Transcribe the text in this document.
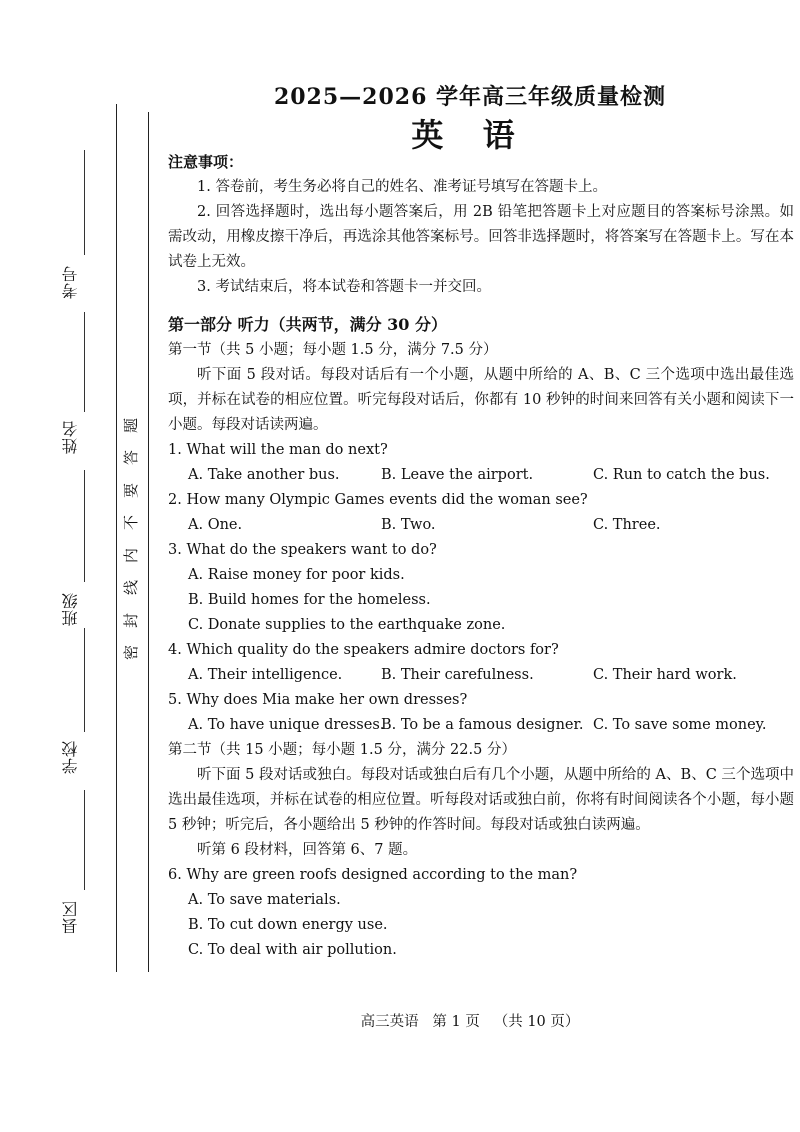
考号
姓名
班级
学校
县区
题
答
要
不
内
线
封
密
2025—2026 学年高三年级质量检测
英 语
注意事项：
1. 答卷前，考生务必将自己的姓名、准考证号填写在答题卡上。
2. 回答选择题时，选出每小题答案后，用 2B 铅笔把答题卡上对应题目的答案标号涂黑。如需改动，用橡皮擦干净后，再选涂其他答案标号。回答非选择题时，将答案写在答题卡上。写在本试卷上无效。
3. 考试结束后，将本试卷和答题卡一并交回。
第一部分 听力（共两节，满分 30 分）
第一节（共 5 小题；每小题 1.5 分，满分 7.5 分）
听下面 5 段对话。每段对话后有一个小题，从题中所给的 A、B、C 三个选项中选出最佳选项，并标在试卷的相应位置。听完每段对话后，你都有 10 秒钟的时间来回答有关小题和阅读下一小题。每段对话读两遍。
1. What will the man do next?
A. Take another bus.	B. Leave the airport.	C. Run to catch the bus.
2. How many Olympic Games events did the woman see?
A. One.	B. Two.	C. Three.
3. What do the speakers want to do?
A. Raise money for poor kids.
B. Build homes for the homeless.
C. Donate supplies to the earthquake zone.
4. Which quality do the speakers admire doctors for?
A. Their intelligence.	B. Their carefulness.	C. Their hard work.
5. Why does Mia make her own dresses?
A. To have unique dresses.
B. To be a famous designer. C. To save some money.
第二节（共 15 小题；每小题 1.5 分，满分 22.5 分）
听下面 5 段对话或独白。每段对话或独白后有几个小题，从题中所给的 A、B、C 三个选项中选出最佳选项，并标在试卷的相应位置。听每段对话或独白前，你将有时间阅读各个小题，每小题 5 秒钟；听完后，各小题给出 5 秒钟的作答时间。每段对话或独白读两遍。
听第 6 段材料，回答第 6、7 题。
6. Why are green roofs designed according to the man?
A. To save materials.
B. To cut down energy use.
C. To deal with air pollution.
高三英语   第 1 页   （共 10 页）
